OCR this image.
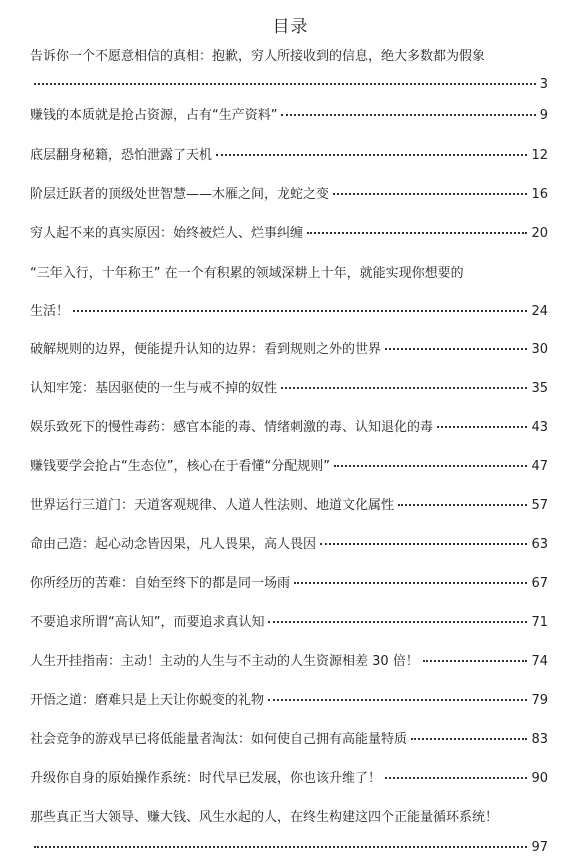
目录
告诉你一个不愿意相信的真相：抱歉，穷人所接收到的信息，绝大多数都为假象
3
赚钱的本质就是抢占资源，占有“生产资料”	9
底层翻身秘籍，恐怕泄露了天机	12
阶层迁跃者的顶级处世智慧——木雁之间，龙蛇之变	16
穷人起不来的真实原因：始终被烂人、烂事纠缠	20
“三年入行，十年称王” 在一个有积累的领域深耕上十年，就能实现你想要的
生活！	24
破解规则的边界，便能提升认知的边界：看到规则之外的世界	30
认知牢笼：基因驱使的一生与戒不掉的奴性	35
娱乐致死下的慢性毒药：感官本能的毒、情绪刺激的毒、认知退化的毒	43
赚钱要学会抢占“生态位”，核心在于看懂“分配规则”	47
世界运行三道门：天道客观规律、人道人性法则、地道文化属性	57
命由己造：起心动念皆因果，凡人畏果，高人畏因	63
你所经历的苦难：自始至终下的都是同一场雨	67
不要追求所谓“高认知”，而要追求真认知	71
人生开挂指南：主动！主动的人生与不主动的人生资源相差 30 倍！	74
开悟之道：磨难只是上天让你蜕变的礼物	79
社会竞争的游戏早已将低能量者淘汰：如何使自己拥有高能量特质	83
升级你自身的原始操作系统：时代早已发展，你也该升维了！	90
那些真正当大领导、赚大钱、风生水起的人，在终生构建这四个正能量循环系统！
97
